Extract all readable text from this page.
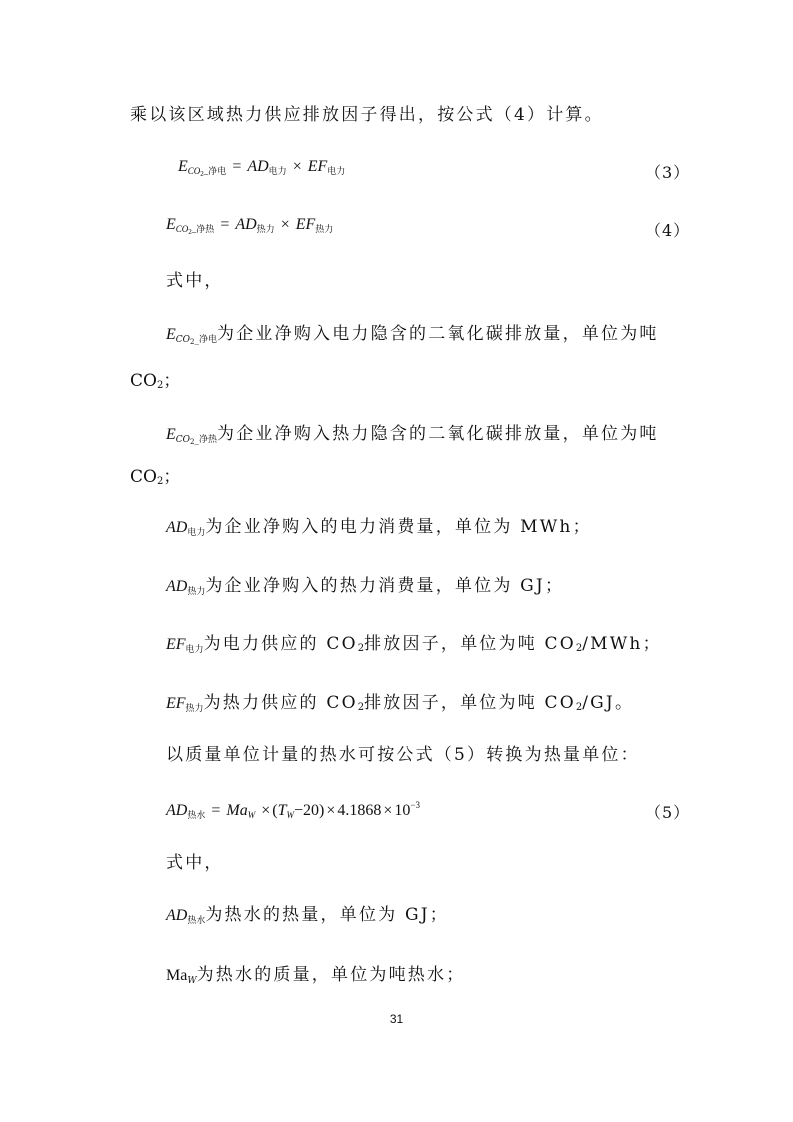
乘以该区域热力供应排放因子得出，按公式（4）计算。
$E_{CO_2\_净电} = AD_{电力} \times EF_{电力}$	（3）
$E_{CO_2\_净热} = AD_{热力} \times EF_{热力}$	（4）
式中，
$E_{CO_2\_净电}$为企业净购入电力隐含的二氧化碳排放量，单位为吨
CO2；
$E_{CO_2\_净热}$为企业净购入热力隐含的二氧化碳排放量，单位为吨
CO2；
$AD_{电力}$为企业净购入的电力消费量，单位为 MWh；
$AD_{热力}$为企业净购入的热力消费量，单位为 GJ；
$EF_{电力}$为电力供应的 CO2排放因子，单位为吨 CO2/MWh；
$EF_{热力}$为热力供应的 CO2排放因子，单位为吨 CO2/GJ。
以质量单位计量的热水可按公式（5）转换为热量单位：
$AD_{热水} = Ma_W \times (T_W-20) \times 4.1868 \times 10^{-3}$	（5）
式中，
$AD_{热水}$为热水的热量，单位为 GJ；
$Ma_W$为热水的质量，单位为吨热水；
31
